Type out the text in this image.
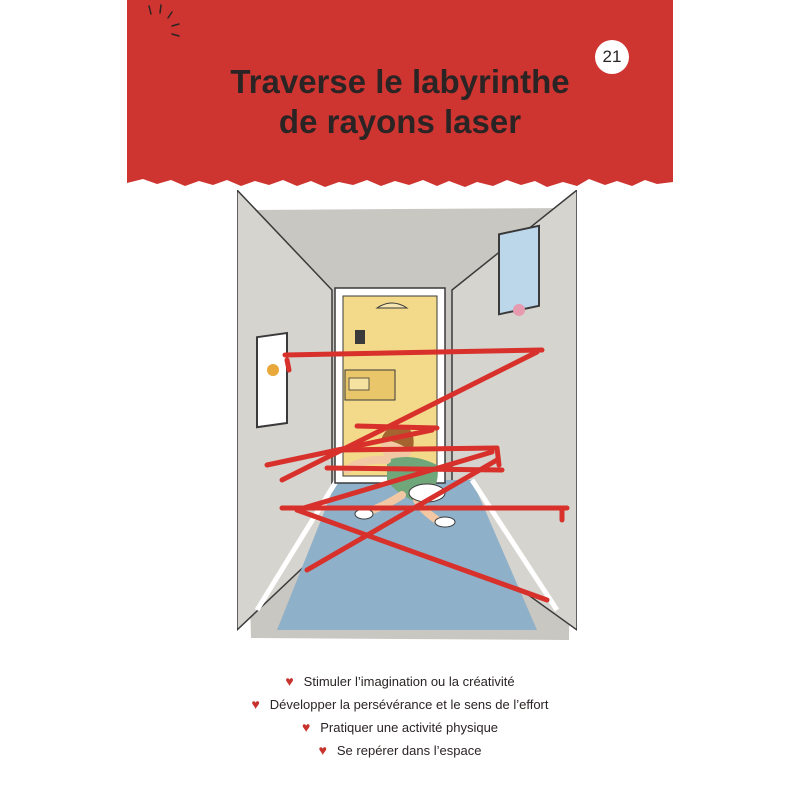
21
Traverse le labyrinthe
de rayons laser
♥ Stimuler l’imagination ou la créativité
♥ Développer la persévérance et le sens de l’effort
♥ Pratiquer une activité physique
♥ Se repérer dans l’espace
